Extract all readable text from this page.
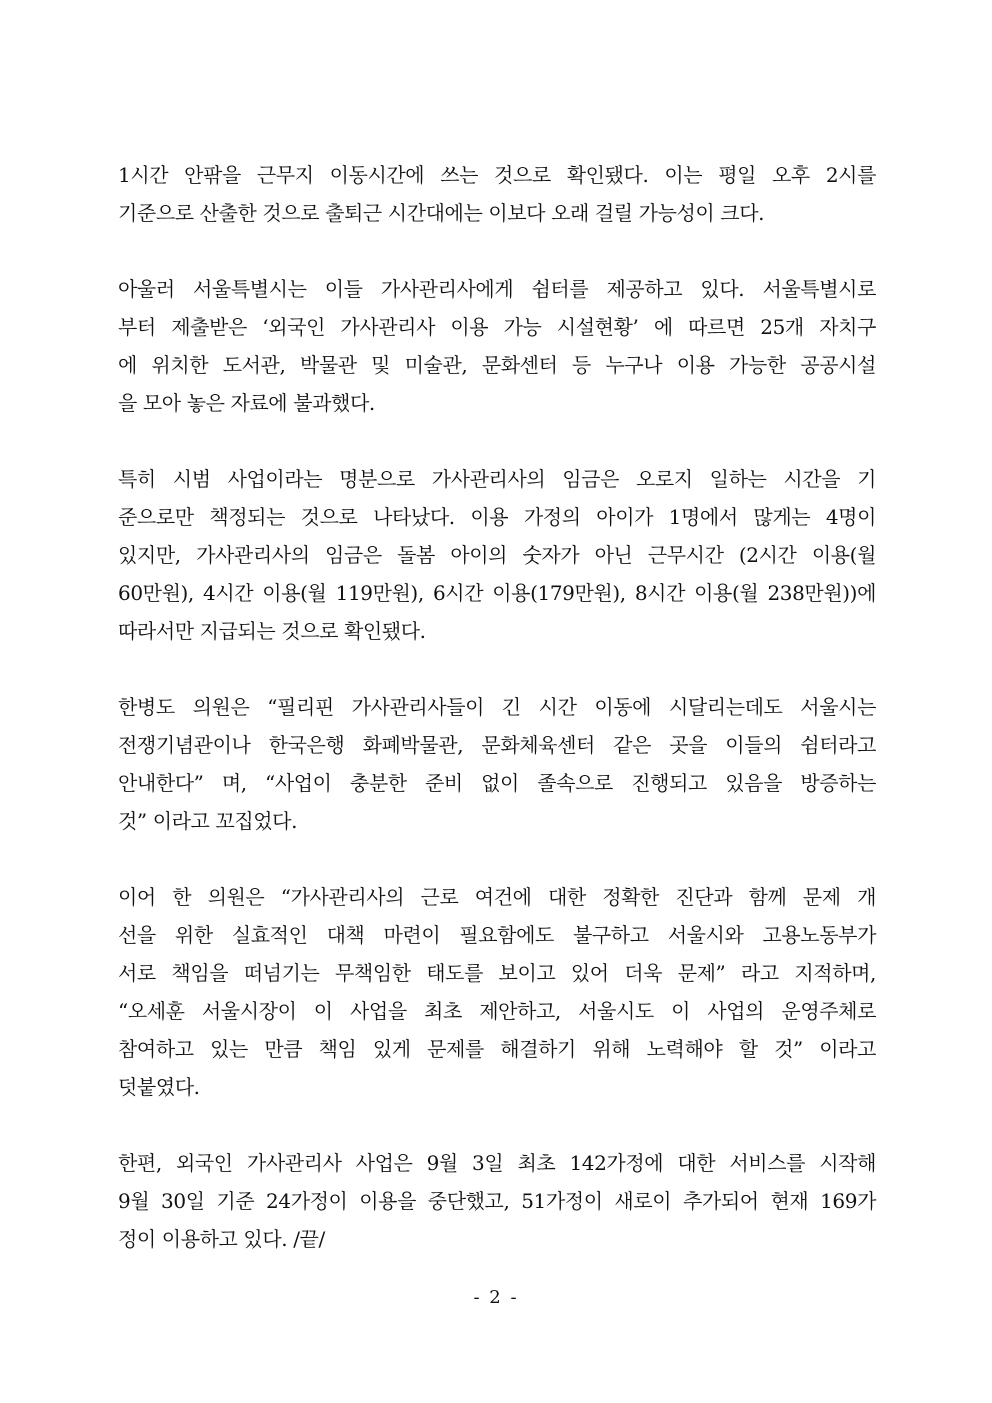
1시간 안팎을 근무지 이동시간에 쓰는 것으로 확인됐다. 이는 평일 오후 2시를
기준으로 산출한 것으로 출퇴근 시간대에는 이보다 오래 걸릴 가능성이 크다.
아울러 서울특별시는 이들 가사관리사에게 쉼터를 제공하고 있다. 서울특별시로
부터 제출받은 ‘외국인 가사관리사 이용 가능 시설현황’ 에 따르면 25개 자치구
에 위치한 도서관, 박물관 및 미술관, 문화센터 등 누구나 이용 가능한 공공시설
을 모아 놓은 자료에 불과했다.
특히 시범 사업이라는 명분으로 가사관리사의 임금은 오로지 일하는 시간을 기
준으로만 책정되는 것으로 나타났다. 이용 가정의 아이가 1명에서 많게는 4명이
있지만, 가사관리사의 임금은 돌봄 아이의 숫자가 아닌 근무시간 (2시간 이용(월
60만원), 4시간 이용(월 119만원), 6시간 이용(179만원), 8시간 이용(월 238만원))에
따라서만 지급되는 것으로 확인됐다.
한병도 의원은 “필리핀 가사관리사들이 긴 시간 이동에 시달리는데도 서울시는
전쟁기념관이나 한국은행 화폐박물관, 문화체육센터 같은 곳을 이들의 쉼터라고
안내한다” 며, “사업이 충분한 준비 없이 졸속으로 진행되고 있음을 방증하는
것” 이라고 꼬집었다.
이어 한 의원은 “가사관리사의 근로 여건에 대한 정확한 진단과 함께 문제 개
선을 위한 실효적인 대책 마련이 필요함에도 불구하고 서울시와 고용노동부가
서로 책임을 떠넘기는 무책임한 태도를 보이고 있어 더욱 문제” 라고 지적하며,
“오세훈 서울시장이 이 사업을 최초 제안하고, 서울시도 이 사업의 운영주체로
참여하고 있는 만큼 책임 있게 문제를 해결하기 위해 노력해야 할 것” 이라고
덧붙였다.
한편, 외국인 가사관리사 사업은 9월 3일 최초 142가정에 대한 서비스를 시작해
9월 30일 기준 24가정이 이용을 중단했고, 51가정이 새로이 추가되어 현재 169가
정이 이용하고 있다. /끝/
- 2 -
